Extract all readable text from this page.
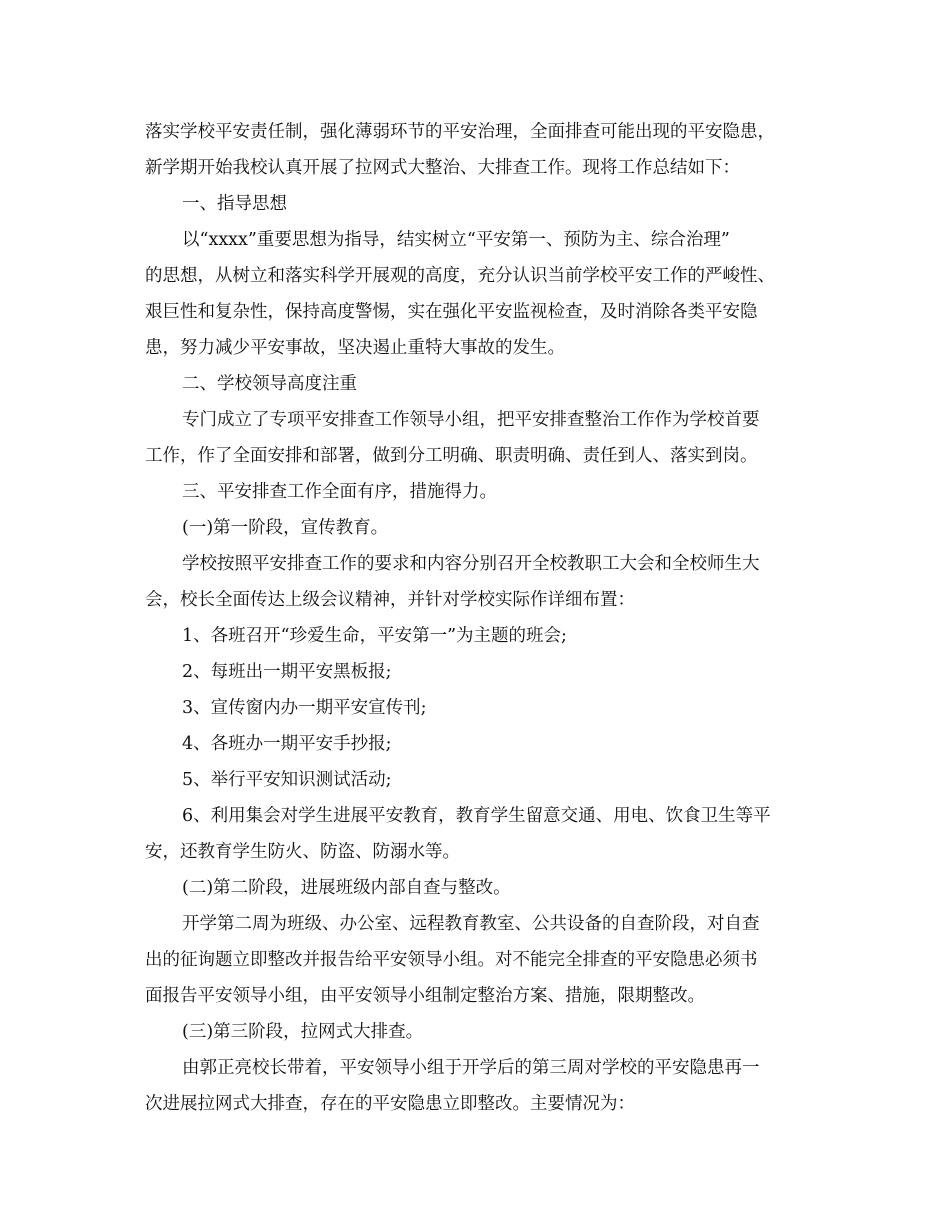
落实学校平安责任制，强化薄弱环节的平安治理，全面排查可能出现的平安隐患，
新学期开始我校认真开展了拉网式大整治、大排查工作。现将工作总结如下：
一、指导思想
以“xxxx”重要思想为指导，结实树立“平安第一、预防为主、综合治理”
的思想，从树立和落实科学开展观的高度，充分认识当前学校平安工作的严峻性、
艰巨性和复杂性，保持高度警惕，实在强化平安监视检查，及时消除各类平安隐
患，努力减少平安事故，坚决遏止重特大事故的发生。
二、学校领导高度注重
专门成立了专项平安排查工作领导小组，把平安排查整治工作作为学校首要
工作，作了全面安排和部署，做到分工明确、职责明确、责任到人、落实到岗。
三、平安排查工作全面有序，措施得力。
(一)第一阶段，宣传教育。
学校按照平安排查工作的要求和内容分别召开全校教职工大会和全校师生大
会，校长全面传达上级会议精神，并针对学校实际作详细布置：
1、各班召开“珍爱生命，平安第一”为主题的班会;
2、每班出一期平安黑板报;
3、宣传窗内办一期平安宣传刊;
4、各班办一期平安手抄报;
5、举行平安知识测试活动;
6、利用集会对学生进展平安教育，教育学生留意交通、用电、饮食卫生等平
安，还教育学生防火、防盗、防溺水等。
(二)第二阶段，进展班级内部自查与整改。
开学第二周为班级、办公室、远程教育教室、公共设备的自查阶段，对自查
出的征询题立即整改并报告给平安领导小组。对不能完全排查的平安隐患必须书
面报告平安领导小组，由平安领导小组制定整治方案、措施，限期整改。
(三)第三阶段，拉网式大排查。
由郭正亮校长带着，平安领导小组于开学后的第三周对学校的平安隐患再一
次进展拉网式大排查，存在的平安隐患立即整改。主要情况为：
